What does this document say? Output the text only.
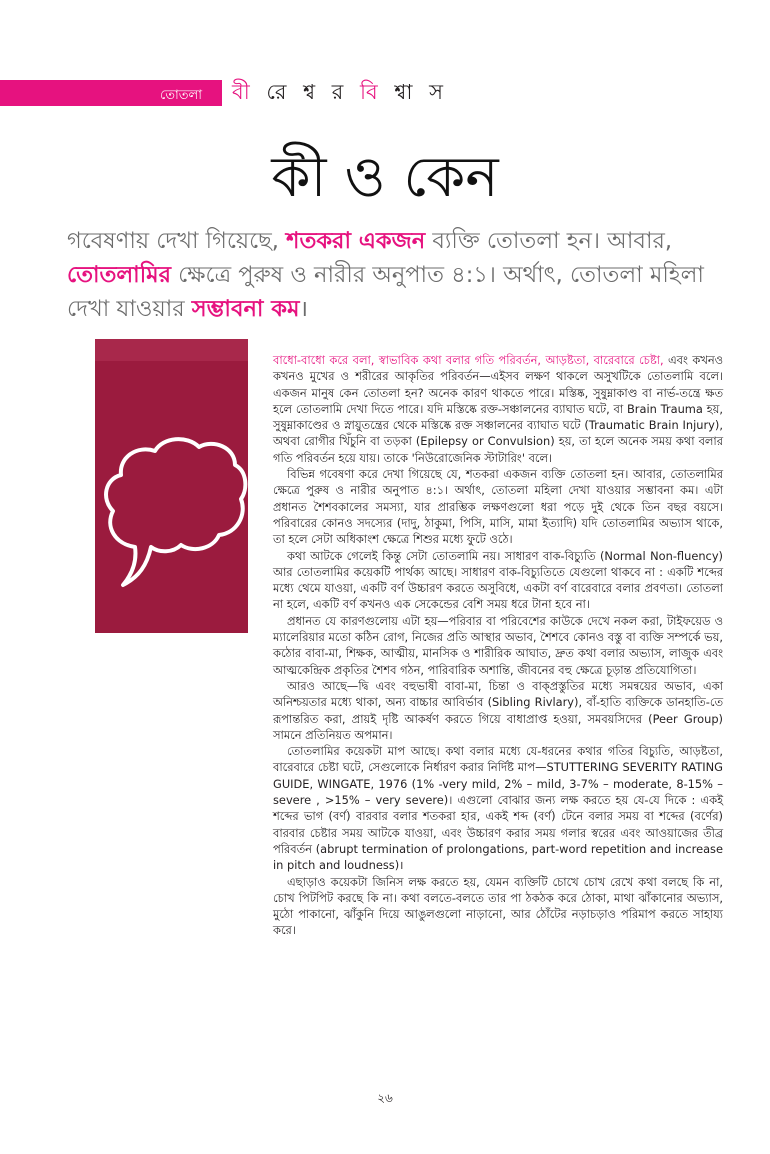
তোতলা বী রে শ্ব র বি শ্বা স
কী ও কেন
গবেষণায় দেখা গিয়েছে, শতকরা একজন ব্যক্তি তোতলা হন। আবার, তোতলামির ক্ষেত্রে পুরুষ ও নারীর অনুপাত ৪:১। অর্থাৎ, তোতলা মহিলা দেখা যাওয়ার সম্ভাবনা কম।

বাধো-বাধো করে বলা, স্বাভাবিক কথা বলার গতি পরিবর্তন, আড়ষ্টতা, বারেবারে চেষ্টা, এবং কখনও কখনও মুখের ও শরীরের আকৃতির পরিবর্তন—এইসব লক্ষণ থাকলে অসুখটিকে তোতলামি বলে। একজন মানুষ কেন তোতলা হন? অনেক কারণ থাকতে পারে। মস্তিষ্ক, সুষুম্নাকাণ্ড বা নার্ভ-তন্ত্রে ক্ষত হলে তোতলামি দেখা দিতে পারে। যদি মস্তিষ্কে রক্ত-সঞ্চালনের ব্যাঘাত ঘটে, বা Brain Trauma হয়, সুষুম্নাকাণ্ডের ও স্নায়ুতন্ত্রের থেকে মস্তিষ্কে রক্ত সঞ্চালনের ব্যাঘাত ঘটে (Traumatic Brain Injury), অথবা রোগীর খিঁচুনি বা তড়কা (Epilepsy or Convulsion) হয়, তা হলে অনেক সময় কথা বলার গতি পরিবর্তন হয়ে যায়। তাকে 'নিউরোজেনিক স্টাটারিং' বলে।

বিভিন্ন গবেষণা করে দেখা গিয়েছে যে, শতকরা একজন ব্যক্তি তোতলা হন। আবার, তোতলামির ক্ষেত্রে পুরুষ ও নারীর অনুপাত ৪:১। অর্থাৎ, তোতলা মহিলা দেখা যাওয়ার সম্ভাবনা কম। এটা প্রধানত শৈশবকালের সমস্যা, যার প্রারম্ভিক লক্ষণগুলো ধরা পড়ে দুই থেকে তিন বছর বয়সে। পরিবারের কোনও সদস্যের (দাদু, ঠাকুমা, পিসি, মাসি, মামা ইত্যাদি) যদি তোতলামির অভ্যাস থাকে, তা হলে সেটা অধিকাংশ ক্ষেত্রে শিশুর মধ্যে ফুটে ওঠে।

কথা আটকে গেলেই কিন্তু সেটা তোতলামি নয়। সাধারণ বাক-বিচ্যুতি (Normal Non-fluency) আর তোতলামির কয়েকটি পার্থক্য আছে। সাধারণ বাক-বিচ্যুতিতে যেগুলো থাকবে না : একটি শব্দের মধ্যে থেমে যাওয়া, একটি বর্ণ উচ্চারণ করতে অসুবিধে, একটা বর্ণ বারেবারে বলার প্রবণতা। তোতলা না হলে, একটি বর্ণ কখনও এক সেকেন্ডের বেশি সময় ধরে টানা হবে না।

প্রধানত যে কারণগুলোয় এটা হয়—পরিবার বা পরিবেশের কাউকে দেখে নকল করা, টাইফয়েড ও ম্যালেরিয়ার মতো কঠিন রোগ, নিজের প্রতি আস্থার অভাব, শৈশবে কোনও বস্তু বা ব্যক্তি সম্পর্কে ভয়, কঠোর বাবা-মা, শিক্ষক, আত্মীয়, মানসিক ও শারীরিক আঘাত, দ্রুত কথা বলার অভ্যাস, লাজুক এবং আত্মকেন্দ্রিক প্রকৃতির শৈশব গঠন, পারিবারিক অশান্তি, জীবনের বহু ক্ষেত্রে চূড়ান্ত প্রতিযোগিতা।

আরও আছে—দ্বি এবং বহুভাষী বাবা-মা, চিন্তা ও বাক্প্রস্তুতির মধ্যে সমন্বয়ের অভাব, একা অনিশ্চয়তার মধ্যে থাকা, অন্য বাচ্চার আবির্ভাব (Sibling Rivlary), বাঁ-হাতি ব্যক্তিকে ডানহাতি-তে রূপান্তরিত করা, প্রায়ই দৃষ্টি আকর্ষণ করতে গিয়ে বাধাপ্রাপ্ত হওয়া, সমবয়সিদের (Peer Group) সামনে প্রতিনিয়ত অপমান।

তোতলামির কয়েকটা মাপ আছে। কথা বলার মধ্যে যে-ধরনের কথার গতির বিচ্যুতি, আড়ষ্টতা, বারেবারে চেষ্টা ঘটে, সেগুলোকে নির্ধারণ করার নির্দিষ্ট মাপ—STUTTERING SEVERITY RATING GUIDE, WINGATE, 1976 (1% -very mild, 2% – mild, 3-7% – moderate, 8-15% – severe , >15% – very severe)। এগুলো বোঝার জন্য লক্ষ করতে হয় যে-যে দিকে : একই শব্দের ভাগ (বর্ণ) বারবার বলার শতকরা হার, একই শব্দ (বর্ণ) টেনে বলার সময় বা শব্দের (বর্ণের) বারবার চেষ্টার সময় আটকে যাওয়া, এবং উচ্চারণ করার সময় গলার স্বরের এবং আওয়াজের তীব্র পরিবর্তন (abrupt termination of prolongations, part-word repetition and increase in pitch and loudness)।

এছাড়াও কয়েকটা জিনিস লক্ষ করতে হয়, যেমন ব্যক্তিটি চোখে চোখ রেখে কথা বলছে কি না, চোখ পিটপিট করছে কি না। কথা বলতে-বলতে তার পা ঠকঠক করে ঠোকা, মাথা ঝাঁকানোর অভ্যাস, মুঠো পাকানো, ঝাঁকুনি দিয়ে আঙুলগুলো নাড়ানো, আর ঠোঁটের নড়াচড়াও পরিমাপ করতে সাহায্য করে।

২৬
